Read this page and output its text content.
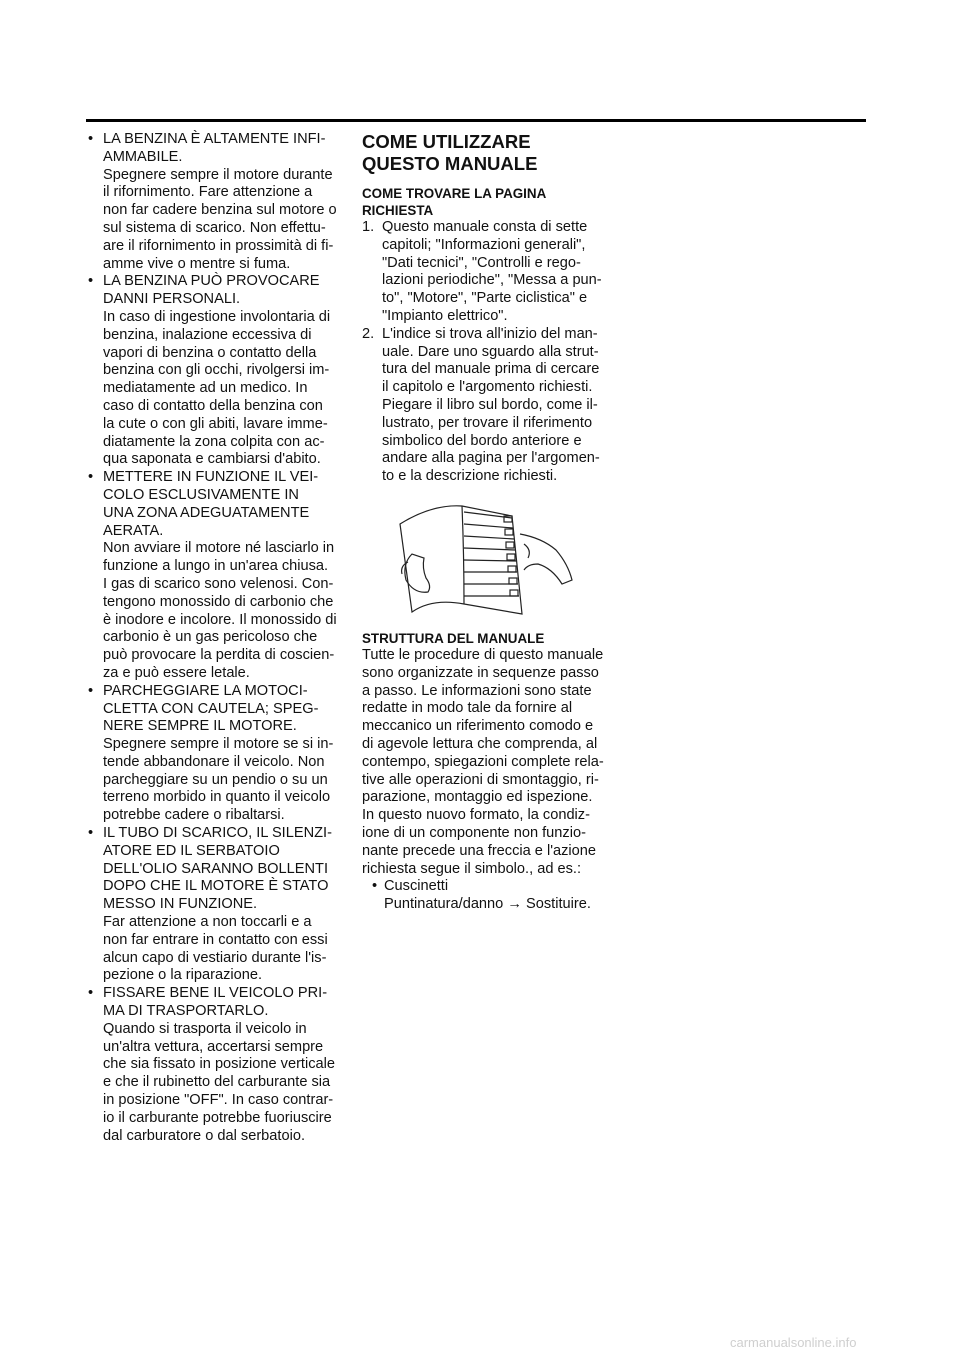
• LA BENZINA È ALTAMENTE INFI-
AMMABILE.
Spegnere sempre il motore durante
il rifornimento. Fare attenzione a
non far cadere benzina sul motore o
sul sistema di scarico. Non effettu-
are il rifornimento in prossimità di fi-
amme vive o mentre si fuma.
• LA BENZINA PUÒ PROVOCARE
DANNI PERSONALI.
In caso di ingestione involontaria di
benzina, inalazione eccessiva di
vapori di benzina o contatto della
benzina con gli occhi, rivolgersi im-
mediatamente ad un medico. In
caso di contatto della benzina con
la cute o con gli abiti, lavare imme-
diatamente la zona colpita con ac-
qua saponata e cambiarsi d'abito.
• METTERE IN FUNZIONE IL VEI-
COLO ESCLUSIVAMENTE IN
UNA ZONA ADEGUATAMENTE
AERATA.
Non avviare il motore né lasciarlo in
funzione a lungo in un'area chiusa.
I gas di scarico sono velenosi. Con-
tengono monossido di carbonio che
è inodore e incolore. Il monossido di
carbonio è un gas pericoloso che
può provocare la perdita di coscien-
za e può essere letale.
• PARCHEGGIARE LA MOTOCI-
CLETTA CON CAUTELA; SPEG-
NERE SEMPRE IL MOTORE.
Spegnere sempre il motore se si in-
tende abbandonare il veicolo. Non
parcheggiare su un pendio o su un
terreno morbido in quanto il veicolo
potrebbe cadere o ribaltarsi.
• IL TUBO DI SCARICO, IL SILENZI-
ATORE ED IL SERBATOIO
DELL'OLIO SARANNO BOLLENTI
DOPO CHE IL MOTORE È STATO
MESSO IN FUNZIONE.
Far attenzione a non toccarli e a
non far entrare in contatto con essi
alcun capo di vestiario durante l'is-
pezione o la riparazione.
• FISSARE BENE IL VEICOLO PRI-
MA DI TRASPORTARLO.
Quando si trasporta il veicolo in
un'altra vettura, accertarsi sempre
che sia fissato in posizione verticale
e che il rubinetto del carburante sia
in posizione "OFF". In caso contrar-
io il carburante potrebbe fuoriuscire
dal carburatore o dal serbatoio.
COME UTILIZZARE
QUESTO MANUALE
COME TROVARE LA PAGINA
RICHIESTA
1. Questo manuale consta di sette
capitoli; "Informazioni generali",
"Dati tecnici", "Controlli e rego-
lazioni periodiche", "Messa a pun-
to", "Motore", "Parte ciclistica" e
"Impianto elettrico".
2. L'indice si trova all'inizio del man-
uale. Dare uno sguardo alla strut-
tura del manuale prima di cercare
il capitolo e l'argomento richiesti.
Piegare il libro sul bordo, come il-
lustrato, per trovare il riferimento
simbolico del bordo anteriore e
andare alla pagina per l'argomen-
to e la descrizione richiesti.
STRUTTURA DEL MANUALE
Tutte le procedure di questo manuale
sono organizzate in sequenze passo
a passo. Le informazioni sono state
redatte in modo tale da fornire al
meccanico un riferimento comodo e
di agevole lettura che comprenda, al
contempo, spiegazioni complete rela-
tive alle operazioni di smontaggio, ri-
parazione, montaggio ed ispezione.
In questo nuovo formato, la condiz-
ione di un componente non funzio-
nante precede una freccia e l'azione
richiesta segue il simbolo., ad es.:
• Cuscinetti
Puntinatura/danno → Sostituire.
carmanualsonline.info
